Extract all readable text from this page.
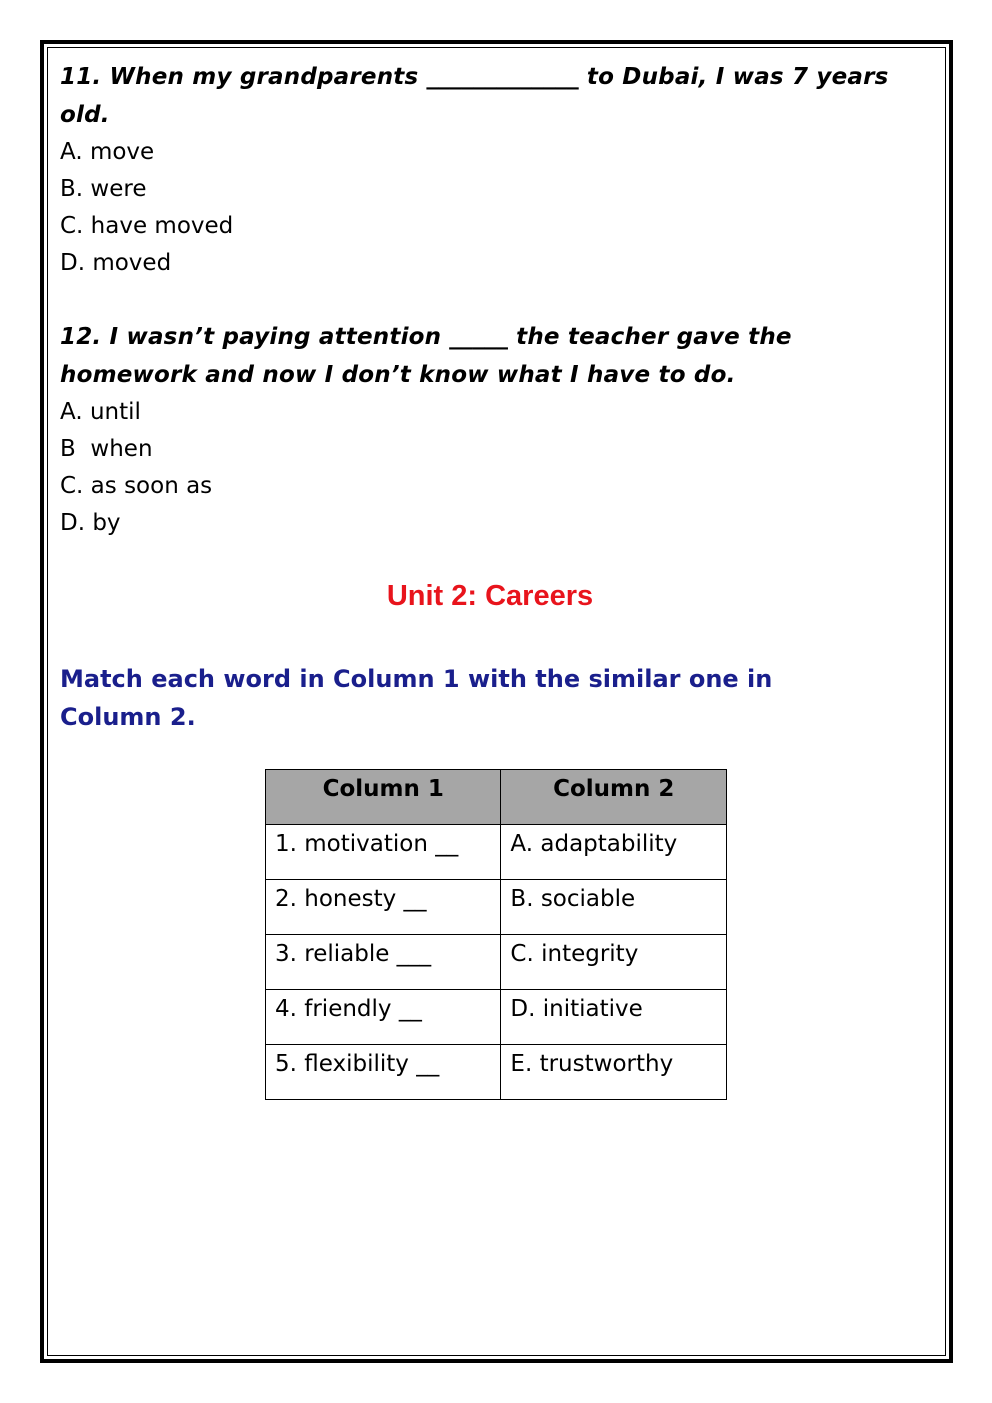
11. When my grandparents _____________ to Dubai, I was 7 years old.

A. move

B. were

C. have moved

D. moved

12. I wasn’t paying attention _____ the teacher gave the homework and now I don’t know what I have to do.

A. until

B  when

C. as soon as

D. by

Unit 2: Careers

Match each word in Column 1 with the similar one in Column 2.

Column 1	Column 2
1. motivation __	A. adaptability
2. honesty __	B. sociable
3. reliable ___	C. integrity
4. friendly __	D. initiative
5. flexibility __	E. trustworthy
